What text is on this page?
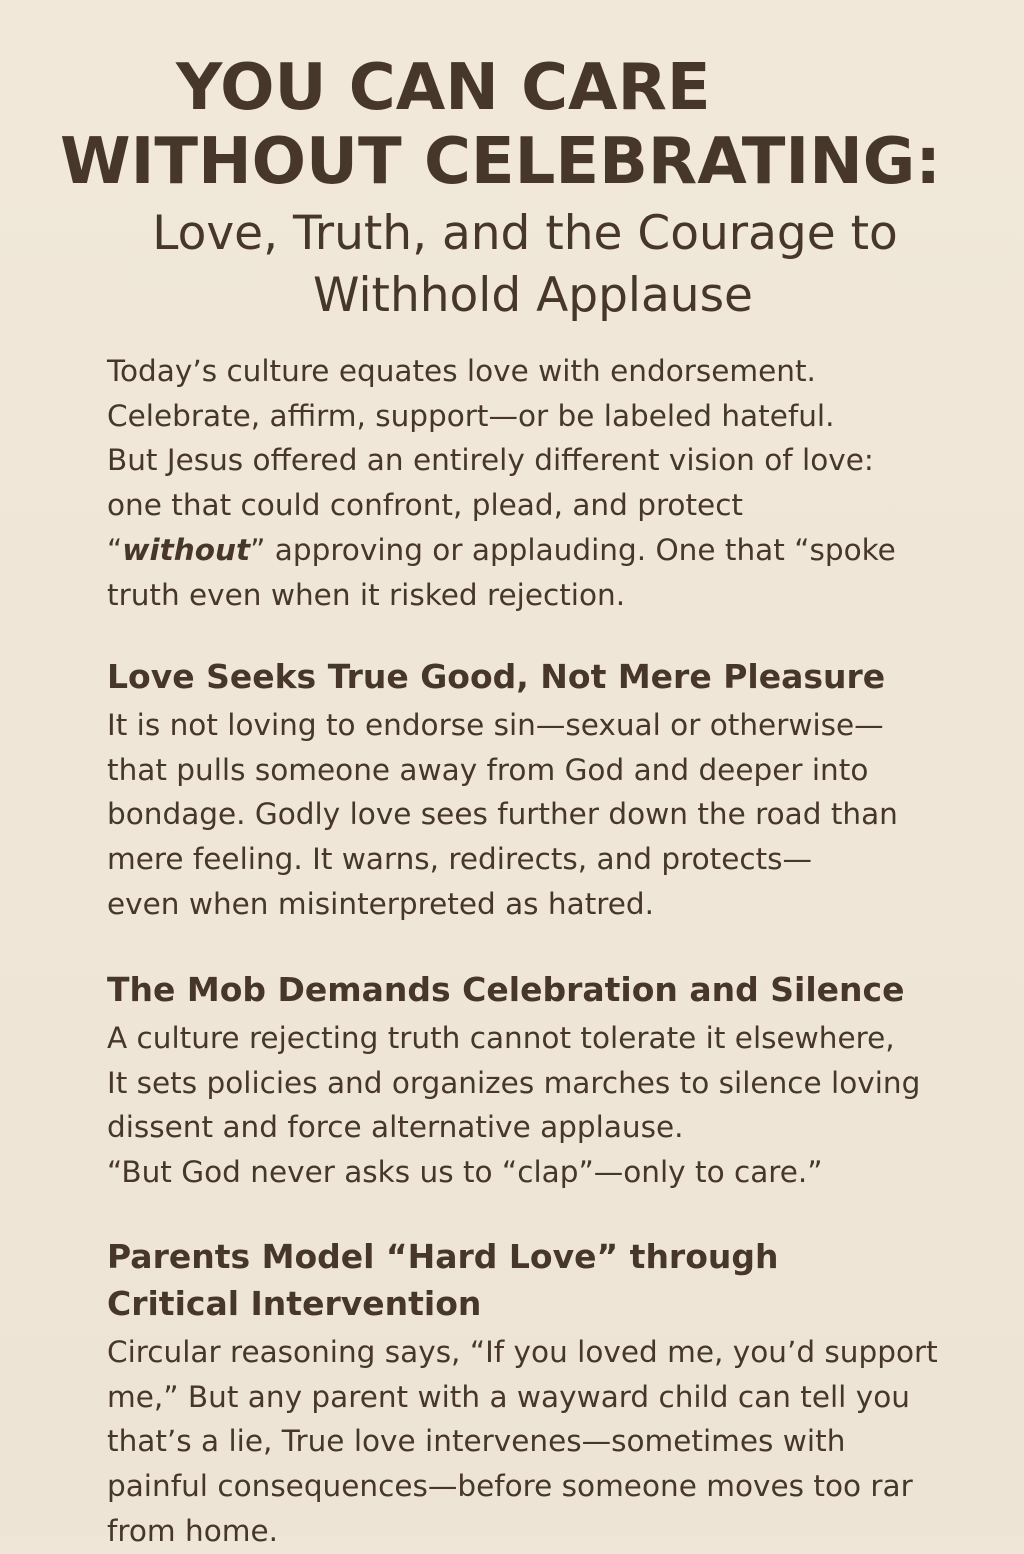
YOU CAN CARE
WITHOUT CELEBRATING:
Love, Truth, and the Courage to
Withhold Applause
Today’s culture equates love with endorsement.
Celebrate, affirm, support—or be labeled hateful.
But Jesus offered an entirely different vision of love:
one that could confront, plead, and protect
“without” approving or applauding. One that “spoke
truth even when it risked rejection.
Love Seeks True Good, Not Mere Pleasure
It is not loving to endorse sin—sexual or otherwise—
that pulls someone away from God and deeper into
bondage. Godly love sees further down the road than
mere feeling. It warns, redirects, and protects—
even when misinterpreted as hatred.
The Mob Demands Celebration and Silence
A culture rejecting truth cannot tolerate it elsewhere,
It sets policies and organizes marches to silence loving
dissent and force alternative applause.
“But God never asks us to “clap”—only to care.”
Parents Model “Hard Love” through
Critical Intervention
Circular reasoning says, “If you loved me, you’d support
me,” But any parent with a wayward child can tell you
that’s a lie, True love intervenes—sometimes with
painful consequences—before someone moves too rar
from home.
